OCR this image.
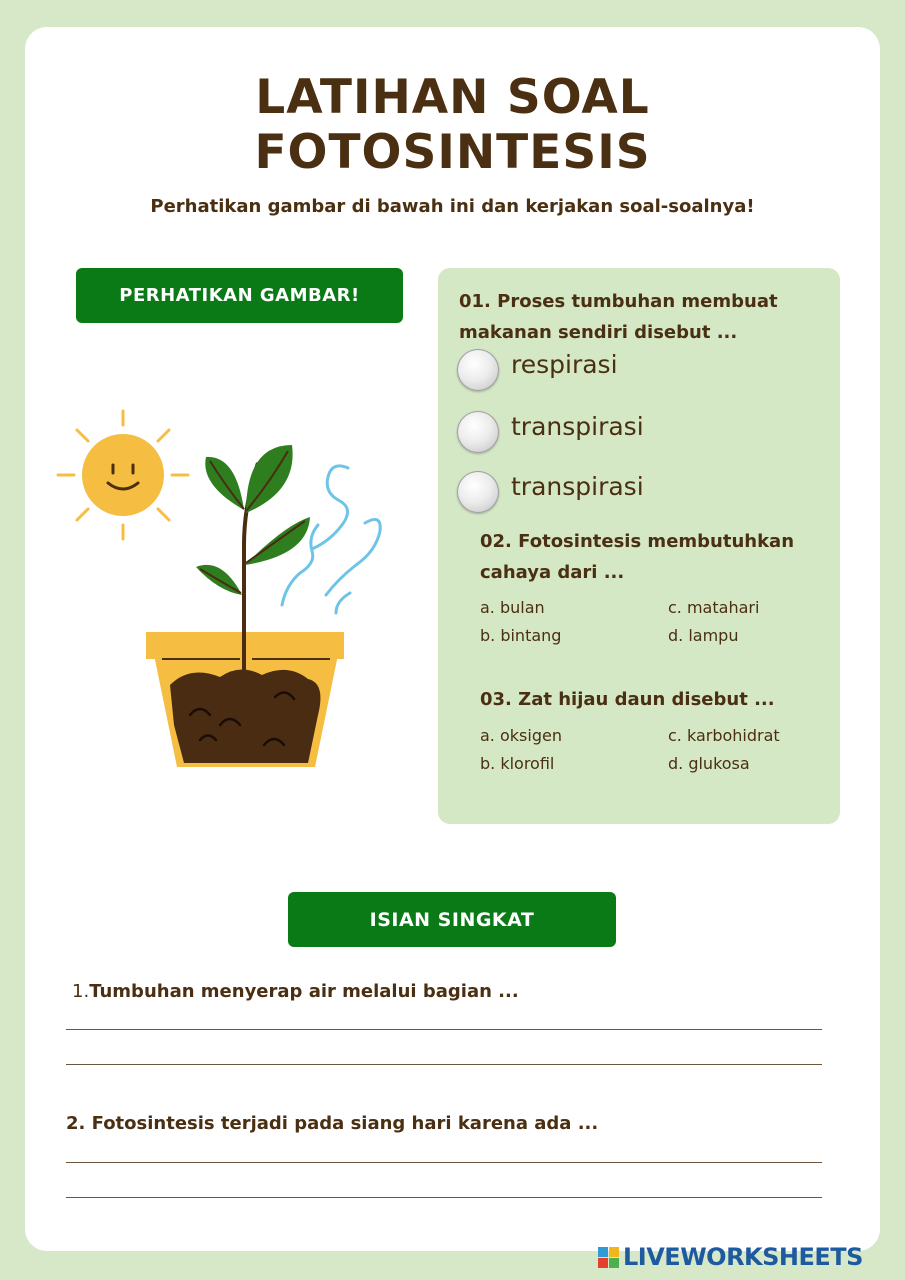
LATIHAN SOAL
FOTOSINTESIS
Perhatikan gambar di bawah ini dan kerjakan soal-soalnya!
PERHATIKAN GAMBAR!	01. Proses tumbuhan membuat makanan sendiri disebut ...
respirasi
transpirasi
transpirasi
02. Fotosintesis membutuhkan cahaya dari ...
a. bulan	c. matahari
b. bintang	d. lampu
03. Zat hijau daun disebut ...
a. oksigen	c. karbohidrat
b. klorofil	d. glukosa
ISIAN SINGKAT
1.Tumbuhan menyerap air melalui bagian ...
2. Fotosintesis terjadi pada siang hari karena ada ...
LIVEWORKSHEETS
